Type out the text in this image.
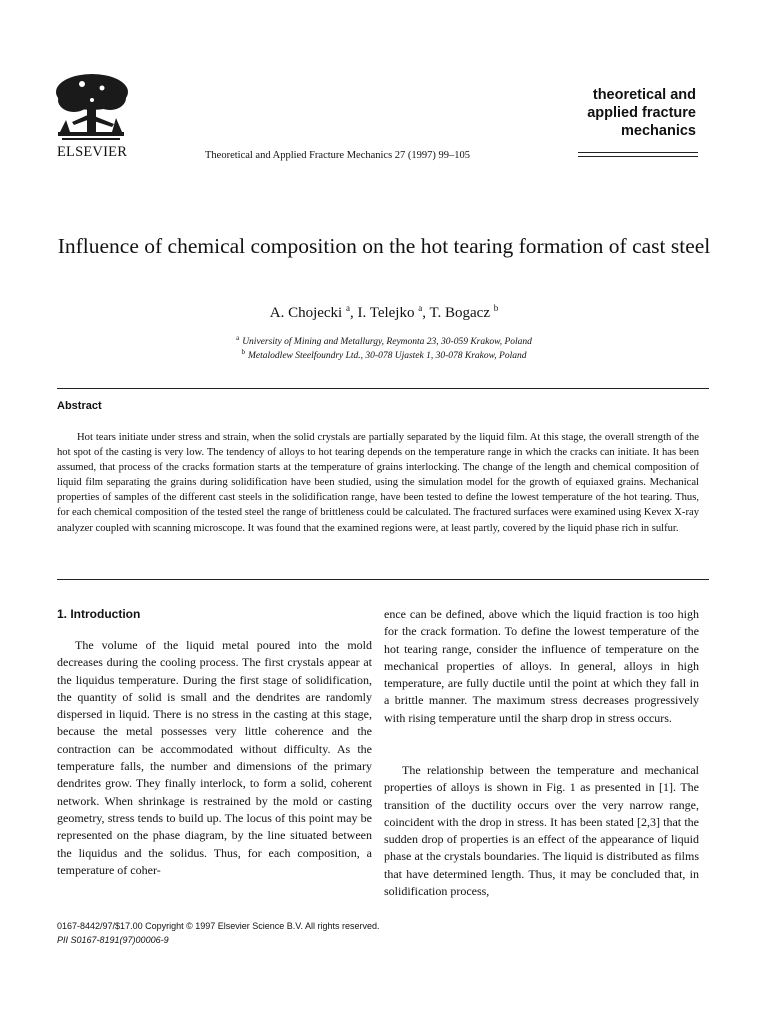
ELSEVIER	Theoretical and Applied Fracture Mechanics 27 (1997) 99–105
theoretical and
applied fracture
mechanics
Influence of chemical composition on the hot tearing formation of cast steel
A. Chojecki $^a$, I. Telejko $^a$, T. Bogacz $^b$
$^a$ University of Mining and Metallurgy, Reymonta 23, 30-059 Krakow, Poland
$^b$ Metalodlew Steelfoundry Ltd., 30-078 Ujastek 1, 30-078 Krakow, Poland
Abstract
Hot tears initiate under stress and strain, when the solid crystals are partially separated by the liquid film. At this stage, the overall strength of the hot spot of the casting is very low. The tendency of alloys to hot tearing depends on the temperature range in which the cracks can initiate. It has been assumed, that process of the cracks formation starts at the temperature of grains interlocking. The change of the length and chemical composition of liquid film separating the grains during solidification have been studied, using the simulation model for the growth of equiaxed grains. Mechanical properties of samples of the different cast steels in the solidification range, have been tested to define the lowest temperature of the hot tearing. Thus, for each chemical composition of the tested steel the range of brittleness could be calculated. The fractured surfaces were examined using Kevex X-ray analyzer coupled with scanning microscope. It was found that the examined regions were, at least partly, covered by the liquid phase rich in sulfur.
1. Introduction
The volume of the liquid metal poured into the mold decreases during the cooling process. The first crystals appear at the liquidus temperature. During the first stage of solidification, the quantity of solid is small and the dendrites are randomly dispersed in liquid. There is no stress in the casting at this stage, because the metal possesses very little coherence and the contraction can be accommodated without difficulty. As the temperature falls, the number and dimensions of the primary dendrites grow. They finally interlock, to form a solid, coherent network. When shrinkage is restrained by the mold or casting geometry, stress tends to build up. The locus of this point may be represented on the phase diagram, by the line situated between the liquidus and the solidus. Thus, for each composition, a temperature of coher-
ence can be defined, above which the liquid fraction is too high for the crack formation. To define the lowest temperature of the hot tearing range, consider the influence of temperature on the mechanical properties of alloys. In general, alloys in high temperature, are fully ductile until the point at which they fall in a brittle manner. The maximum stress decreases progressively with rising temperature until the sharp drop in stress occurs.
The relationship between the temperature and mechanical properties of alloys is shown in Fig. 1 as presented in [1]. The transition of the ductility occurs over the very narrow range, coincident with the drop in stress. It has been stated [2,3] that the sudden drop of properties is an effect of the appearance of liquid phase at the crystals boundaries. The liquid is distributed as films that have determined length. Thus, it may be concluded that, in solidification process,
0167-8442/97/$17.00 Copyright © 1997 Elsevier Science B.V. All rights reserved.
PII S0167-8191(97)00006-9
